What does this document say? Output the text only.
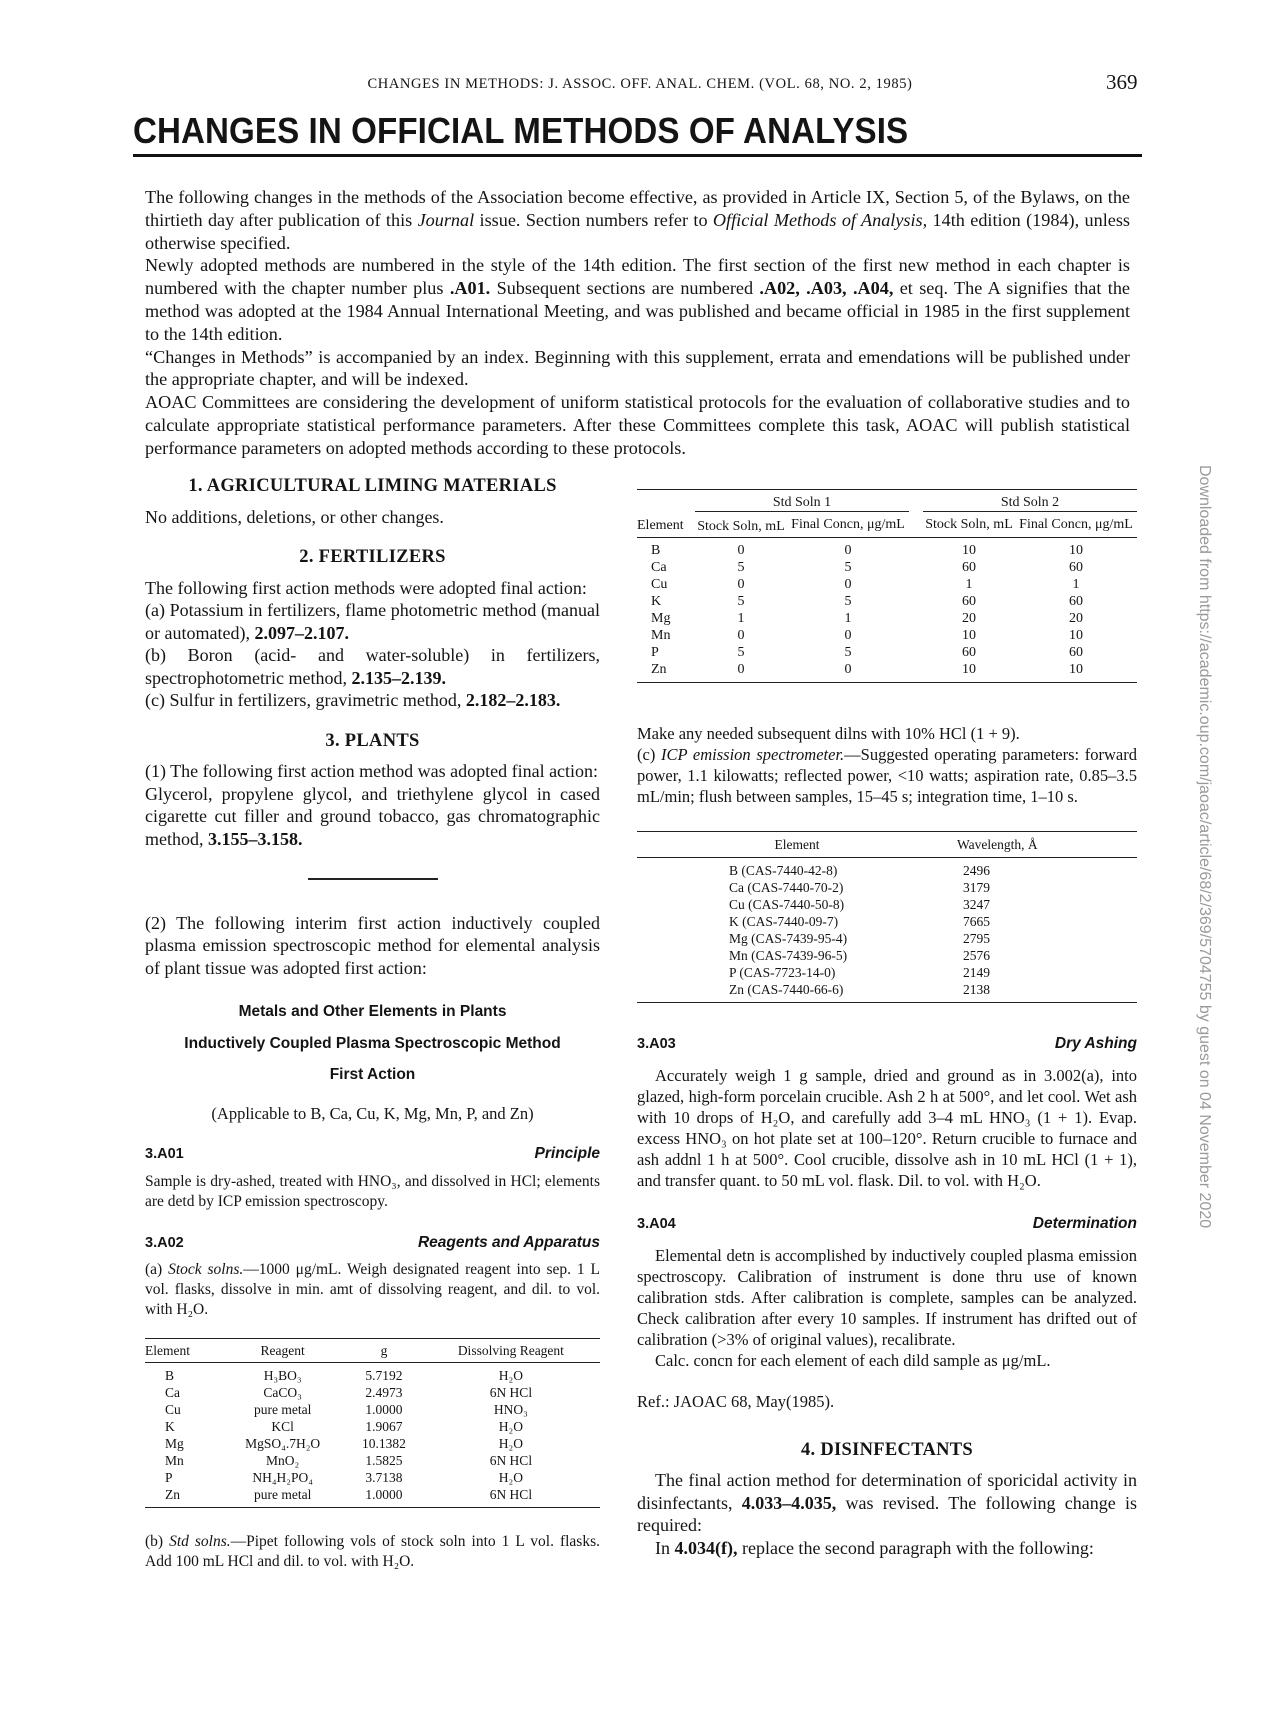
CHANGES IN METHODS: J. ASSOC. OFF. ANAL. CHEM. (VOL. 68, NO. 2, 1985)	369
CHANGES IN OFFICIAL METHODS OF ANALYSIS

The following changes in the methods of the Association become effective, as provided in Article IX, Section 5, of the Bylaws, on the thirtieth day after publication of this Journal issue. Section numbers refer to Official Methods of Analysis, 14th edition (1984), unless otherwise specified.

Newly adopted methods are numbered in the style of the 14th edition. The first section of the first new method in each chapter is numbered with the chapter number plus .A01. Subsequent sections are numbered .A02, .A03, .A04, et seq. The A signifies that the method was adopted at the 1984 Annual International Meeting, and was published and became official in 1985 in the first supplement to the 14th edition.

“Changes in Methods” is accompanied by an index. Beginning with this supplement, errata and emendations will be published under the appropriate chapter, and will be indexed.

AOAC Committees are considering the development of uniform statistical protocols for the evaluation of collaborative studies and to calculate appropriate statistical performance parameters. After these Committees complete this task, AOAC will publish statistical performance parameters on adopted methods according to these protocols.

1. AGRICULTURAL LIMING MATERIALS

No additions, deletions, or other changes.

2. FERTILIZERS

The following first action methods were adopted final action:

(a) Potassium in fertilizers, flame photometric method (manual or automated), 2.097–2.107.

(b) Boron (acid- and water-soluble) in fertilizers, spectrophotometric method, 2.135–2.139.

(c) Sulfur in fertilizers, gravimetric method, 2.182–2.183.

3. PLANTS

(1) The following first action method was adopted final action:

Glycerol, propylene glycol, and triethylene glycol in cased cigarette cut filler and ground tobacco, gas chromatographic method, 3.155–3.158.

(2) The following interim first action inductively coupled plasma emission spectroscopic method for elemental analysis of plant tissue was adopted first action:

Metals and Other Elements in Plants
Inductively Coupled Plasma Spectroscopic Method
First Action
(Applicable to B, Ca, Cu, K, Mg, Mn, P, and Zn)
3.A01	Principle

Sample is dry-ashed, treated with HNO₃, and dissolved in HCl; elements are detd by ICP emission spectroscopy.

3.A02	Reagents and Apparatus

(a) Stock solns.—1000 μg/mL. Weigh designated reagent into sep. 1 L vol. flasks, dissolve in min. amt of dissolving reagent, and dil. to vol. with H₂O.

Element	Reagent	g	Dissolving Reagent
B	H₃BO₃	5.7192	H₂O
Ca	CaCO₃	2.4973	6N HCl
Cu	pure metal	1.0000	HNO₃
K	KCl	1.9067	H₂O
Mg	MgSO₄.7H₂O	10.1382	H₂O
Mn	MnO₂	1.5825	6N HCl
P	NH₄H₂PO₄	3.7138	H₂O
Zn	pure metal	1.0000	6N HCl

(b) Std solns.—Pipet following vols of stock soln into 1 L vol. flasks. Add 100 mL HCl and dil. to vol. with H₂O.

	Std Soln 1			Std Soln 2	
Element	Stock Soln, mL	Final Concn, μg/mL		Stock Soln, mL	Final Concn, μg/mL
B	0	0		10	10
Ca	5	5		60	60
Cu	0	0		1	1
K	5	5		60	60
Mg	1	1		20	20
Mn	0	0		10	10
P	5	5		60	60
Zn	0	0		10	10

Make any needed subsequent dilns with 10% HCl (1 + 9).

(c) ICP emission spectrometer.—Suggested operating parameters: forward power, 1.1 kilowatts; reflected power, <10 watts; aspiration rate, 0.85–3.5 mL/min; flush between samples, 15–45 s; integration time, 1–10 s.

Element	Wavelength, Å
B (CAS-7440-42-8)	2496
Ca (CAS-7440-70-2)	3179
Cu (CAS-7440-50-8)	3247
K (CAS-7440-09-7)	7665
Mg (CAS-7439-95-4)	2795
Mn (CAS-7439-96-5)	2576
P (CAS-7723-14-0)	2149
Zn (CAS-7440-66-6)	2138
3.A03	Dry Ashing

Accurately weigh 1 g sample, dried and ground as in 3.002(a), into glazed, high-form porcelain crucible. Ash 2 h at 500°, and let cool. Wet ash with 10 drops of H₂O, and carefully add 3–4 mL HNO₃ (1 + 1). Evap. excess HNO₃ on hot plate set at 100–120°. Return crucible to furnace and ash addnl 1 h at 500°. Cool crucible, dissolve ash in 10 mL HCl (1 + 1), and transfer quant. to 50 mL vol. flask. Dil. to vol. with H₂O.

3.A04	Determination

Elemental detn is accomplished by inductively coupled plasma emission spectroscopy. Calibration of instrument is done thru use of known calibration stds. After calibration is complete, samples can be analyzed. Check calibration after every 10 samples. If instrument has drifted out of calibration (>3% of original values), recalibrate.

Calc. concn for each element of each dild sample as μg/mL.

Ref.: JAOAC 68, May(1985).

4. DISINFECTANTS

The final action method for determination of sporicidal activity in disinfectants, 4.033–4.035, was revised. The following change is required:

In 4.034(f), replace the second paragraph with the following:

Downloaded from https://academic.oup.com/jaoac/article/68/2/369/5704755 by guest on 04 November 2020
